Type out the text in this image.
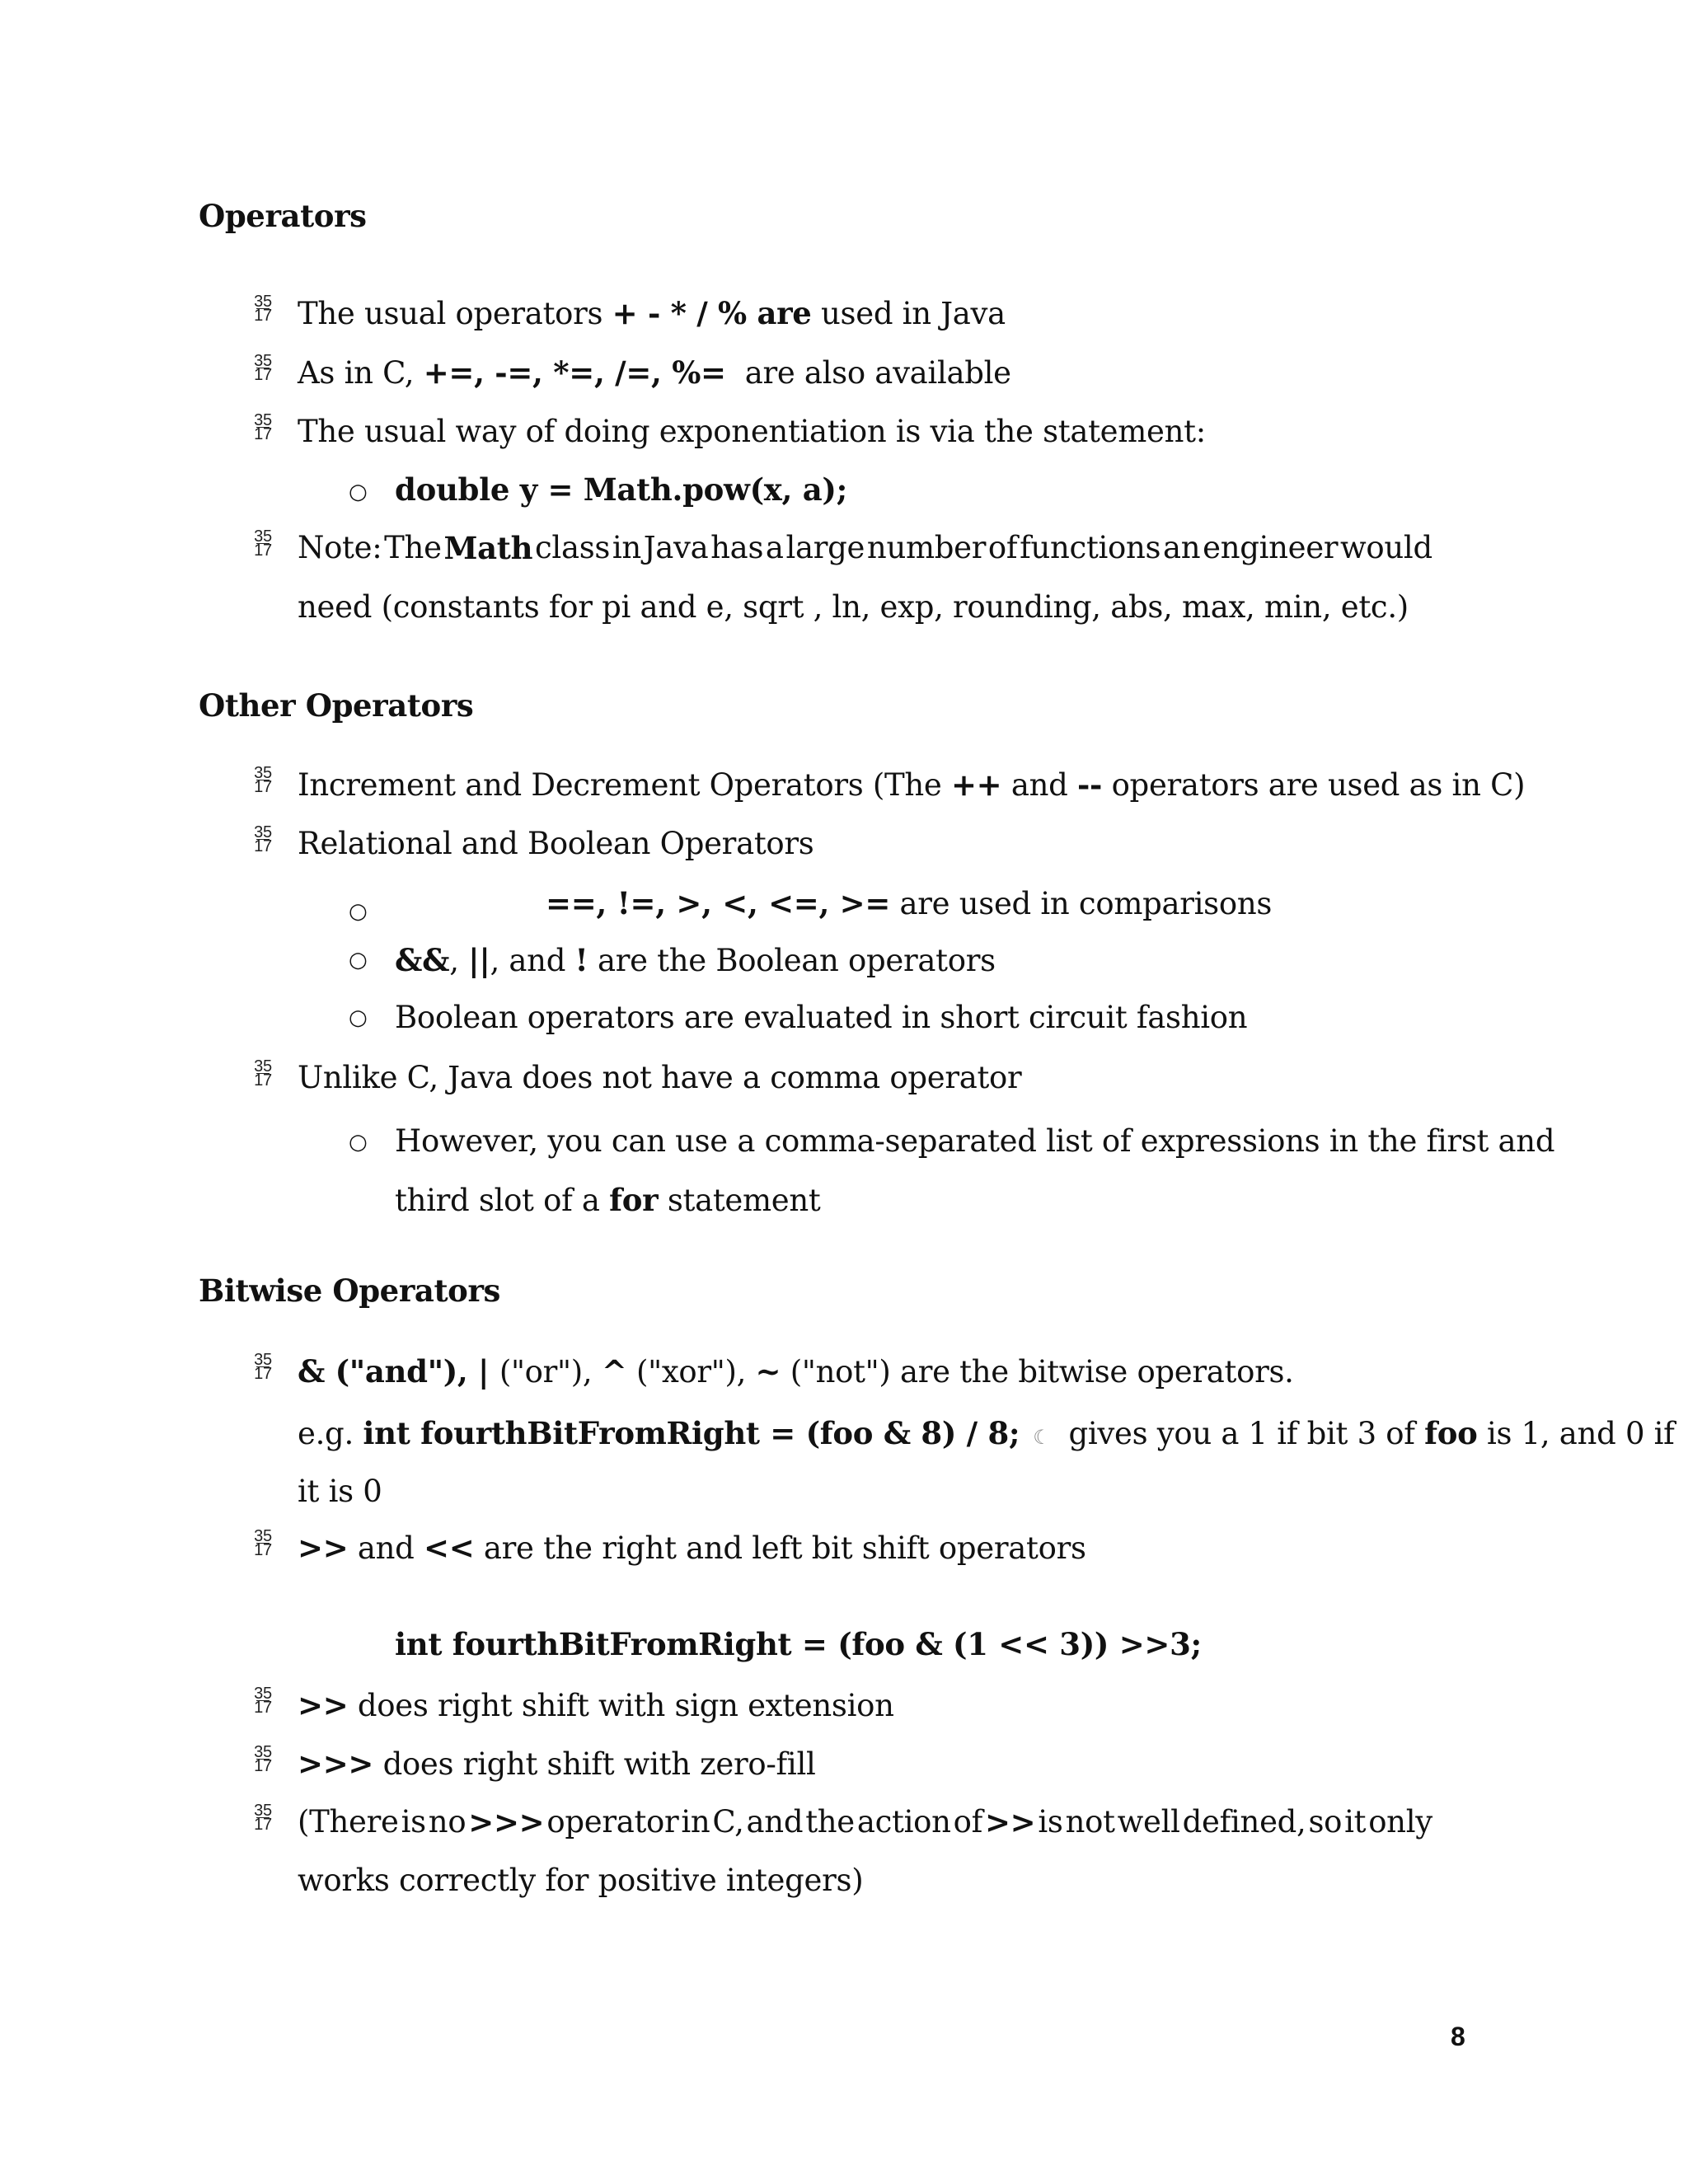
Operators
35
17 The usual operators + - * / % are used in Java
35
17 As in C, +=, -=, *=, /=, %=  are also available
35
17 The usual way of doing exponentiation is via the statement:
○ double y = Math.pow(x, a);
35
17 Note: The Math class in Java has a large number of functions an engineer would
need (constants for pi and e, sqrt , ln, exp, rounding, abs, max, min, etc.)
Other Operators
35
17 Increment and Decrement Operators (The ++ and -- operators are used as in C)
35
17 Relational and Boolean Operators
○	==, !=, >, <, <=, >= are used in comparisons
○ &&, ||, and ! are the Boolean operators
○ Boolean operators are evaluated in short circuit fashion
35
17 Unlike C, Java does not have a comma operator
○ However, you can use a comma-separated list of expressions in the first and
third slot of a for statement
Bitwise Operators
35
17 & ("and"), | ("or"), ^ ("xor"), ~ ("not") are the bitwise operators.
e.g. int fourthBitFromRight = (foo & 8) / 8; ☾ gives you a 1 if bit 3 of foo is 1, and 0 if
it is 0
35
17 >> and << are the right and left bit shift operators
int fourthBitFromRight = (foo & (1 << 3)) >>3;
35
17 >> does right shift with sign extension
35
17 >>> does right shift with zero-fill
35
17 (There is no >>> operator in C, and the action of >> is not well defined, so it only
works correctly for positive integers)
8
